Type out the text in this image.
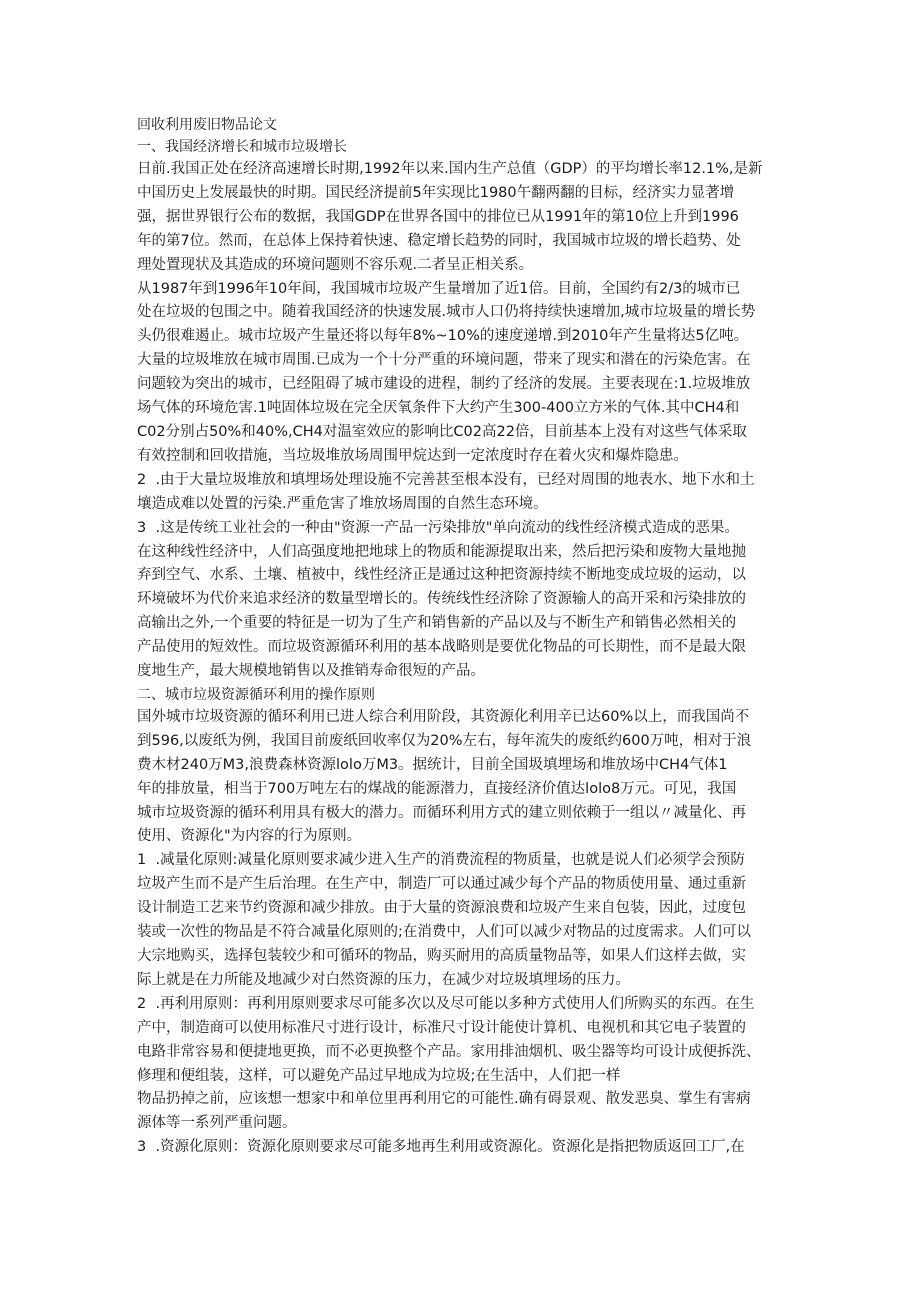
回收利用废旧物品论文
一、我国经济增长和城市垃圾增长
日前.我国正处在经济高速增长时期,1992年以来.国内生产总值（GDP）的平均增长率12.1%,是新
中国历史上发展最快的时期。国民经济提前5年实现比1980午翻两翻的目标，经济实力显著增
强，据世界银行公布的数据，我国GDP在世界各国中的排位已从1991年的第10位上升到1996
年的第7位。然而，在总体上保持着快速、稳定增长趋势的同时，我国城市垃圾的增长趋势、处
理处置现状及其造成的环境问题则不容乐观.二者呈正相关系。
从1987年到1996年10年间，我国城市垃圾产生量增加了近1倍。目前，全国约有2/3的城市已
处在垃圾的包围之中。随着我国经济的快速发展.城市人口仍将持续快速增加,城市垃圾量的增长势
头仍很难遏止。城市垃圾产生量还将以每年8%~10%的速度递增.到2010年产生量将达5亿吨。
大量的垃圾堆放在城市周围.已成为一个十分严重的环境问题，带来了现实和潜在的污染危害。在
问题较为突出的城市，已经阻碍了城市建设的进程，制约了经济的发展。主要表现在:1.垃圾堆放
场气体的环境危害.1吨固体垃圾在完全厌氧条件下大约产生300-400立方米的气体.其中CH4和
C02分别占50%和40%,CH4对温室效应的影响比C02高22倍，目前基本上没有对这些气体采取
有效控制和回收措施，当垃圾堆放场周围甲烷达到一定浓度时存在着火灾和爆炸隐患。
2  .由于大量垃圾堆放和填埋场处理设施不完善甚至根本没有，已经对周围的地表水、地下水和土
壤造成难以处置的污染.严重危害了堆放场周围的自然生态环境。
3  .这是传统工业社会的一种由"资源一产品一污染排放"单向流动的线性经济模式造成的恶果。
在这种线性经济中，人们高强度地把地球上的物质和能源提取出来，然后把污染和废物大量地抛
弃到空气、水系、土壤、植被中，线性经济正是通过这种把资源持续不断地变成垃圾的运动，以
环境破坏为代价来追求经济的数量型增长的。传统线性经济除了资源输人的高开采和污染排放的
高输出之外,一个重要的特征是一切为了生产和销售新的产品以及与不断生产和销售必然相关的
产品使用的短效性。而垃圾资源循环利用的基本战略则是要优化物品的可长期性，而不是最大限
度地生产，最大规模地销售以及推销寿命很短的产品。
二、城市垃圾资源循环利用的操作原则
国外城市垃圾资源的循环利用已进人综合利用阶段，其资源化利用辛已达60%以上，而我国尚不
到596,以废纸为例，我国目前废纸回收率仅为20%左右，每年流失的废纸约600万吨，相对于浪
费木材240万M3,浪费森林资源lolo万M3。据统计，目前全国圾填埋场和堆放场中CH4气体1
年的排放量，相当于700万吨左右的煤战的能源潜力，直接经济价值达lolo8万元。可见，我国
城市垃圾资源的循环利用具有极大的潜力。而循环利用方式的建立则依赖于一组以〃减量化、再
使用、资源化"为内容的行为原则。
1  .减量化原则:减量化原则要求减少进入生产的消费流程的物质量，也就是说人们必须学会预防
垃圾产生而不是产生后治理。在生产中，制造厂可以通过减少每个产品的物质使用量、通过重新
设计制造工艺来节约资源和减少排放。由于大量的资源浪费和垃圾产生来自包装，因此，过度包
装或一次性的物品是不符合减量化原则的;在消费中，人们可以减少对物品的过度需求。人们可以
大宗地购买，选择包装较少和可循环的物品，购买耐用的高质量物品等，如果人们这样去做，实
际上就是在力所能及地减少对白然资源的压力，在减少对垃圾填埋场的压力。
2  .再利用原则：再利用原则要求尽可能多次以及尽可能以多种方式使用人们所购买的东西。在生
产中，制造商可以使用标准尺寸进行设计，标准尺寸设计能使计算机、电视机和其它电子装置的
电路非常容易和便捷地更换，而不必更换整个产品。家用排油烟机、吸尘器等均可设计成便拆洗、
修理和便组装，这样，可以避免产品过早地成为垃圾;在生活中，人们把一样
物品扔掉之前，应该想一想家中和单位里再利用它的可能性.确有碍景观、散发恶臭、掌生有害病
源体等一系列严重问题。
3  .资源化原则：资源化原则要求尽可能多地再生利用或资源化。资源化是指把物质返回工厂,在
